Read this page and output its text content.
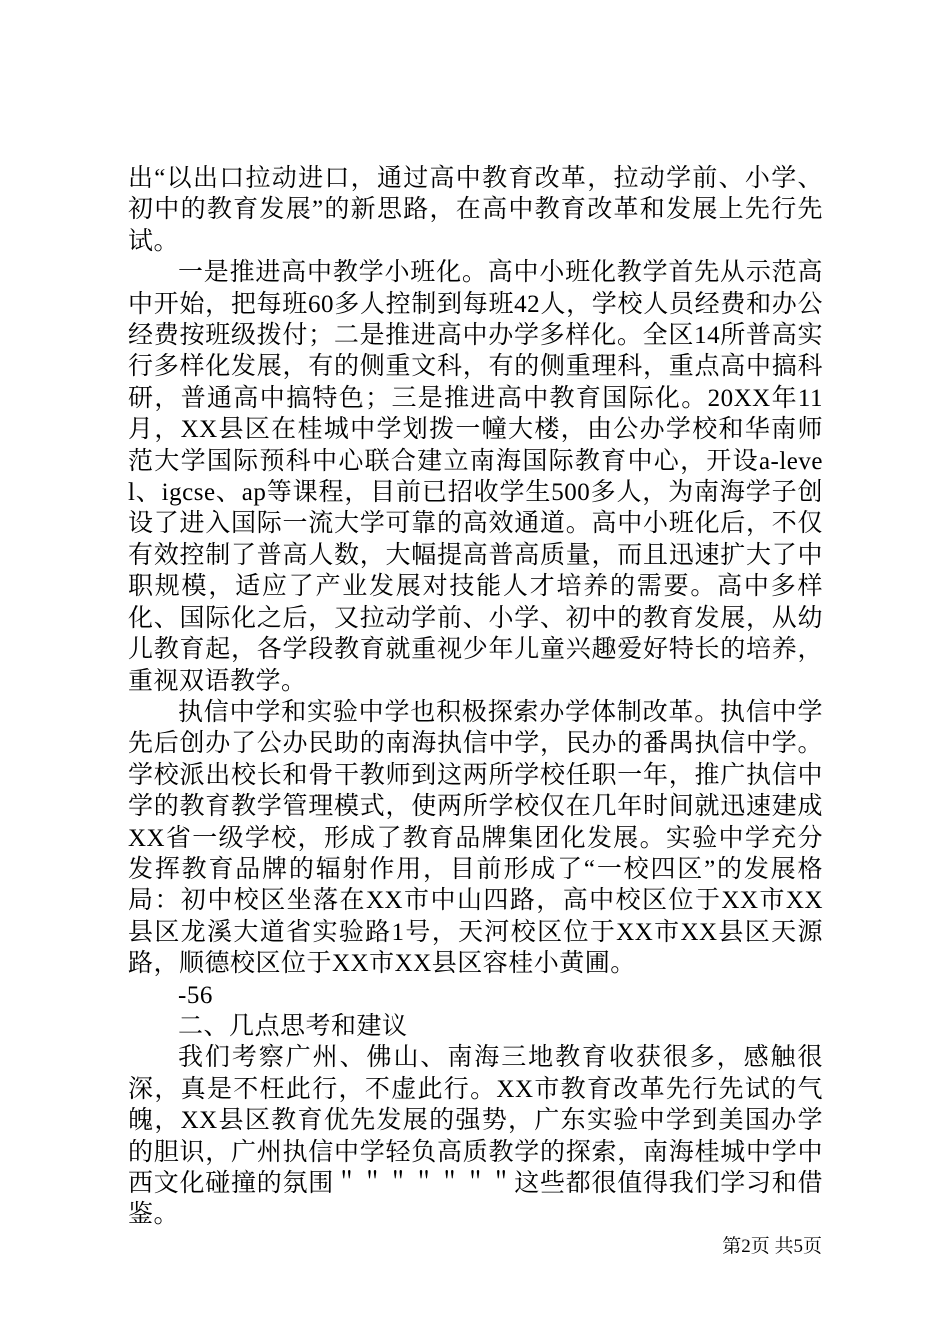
出“以出口拉动进口，通过高中教育改革，拉动学前、小学、初中的教育发展”的新思路，在高中教育改革和发展上先行先试。

一是推进高中教学小班化。高中小班化教学首先从示范高中开始，把每班60多人控制到每班42人，学校人员经费和办公经费按班级拨付；二是推进高中办学多样化。全区14所普高实行多样化发展，有的侧重文科，有的侧重理科，重点高中搞科研，普通高中搞特色；三是推进高中教育国际化。20XX年11月，XX县区在桂城中学划拨一幢大楼，由公办学校和华南师范大学国际预科中心联合建立南海国际教育中心，开设a-level、igcse、ap等课程，目前已招收学生500多人，为南海学子创设了进入国际一流大学可靠的高效通道。高中小班化后，不仅有效控制了普高人数，大幅提高普高质量，而且迅速扩大了中职规模，适应了产业发展对技能人才培养的需要。高中多样化、国际化之后，又拉动学前、小学、初中的教育发展，从幼儿教育起，各学段教育就重视少年儿童兴趣爱好特长的培养，重视双语教学。

执信中学和实验中学也积极探索办学体制改革。执信中学先后创办了公办民助的南海执信中学，民办的番禺执信中学。学校派出校长和骨干教师到这两所学校任职一年，推广执信中学的教育教学管理模式，使两所学校仅在几年时间就迅速建成XX省一级学校，形成了教育品牌集团化发展。实验中学充分发挥教育品牌的辐射作用，目前形成了“一校四区”的发展格局：初中校区坐落在XX市中山四路，高中校区位于XX市XX县区龙溪大道省实验路1号，天河校区位于XX市XX县区天源路，顺德校区位于XX市XX县区容桂小黄圃。

-56

二、几点思考和建议

我们考察广州、佛山、南海三地教育收获很多，感触很深，真是不枉此行，不虚此行。XX市教育改革先行先试的气魄，XX县区教育优先发展的强势，广东实验中学到美国办学的胆识，广州执信中学轻负高质教学的探索，南海桂城中学中西文化碰撞的氛围＂＂＂＂＂＂＂这些都很值得我们学习和借鉴。

第2页 共5页
